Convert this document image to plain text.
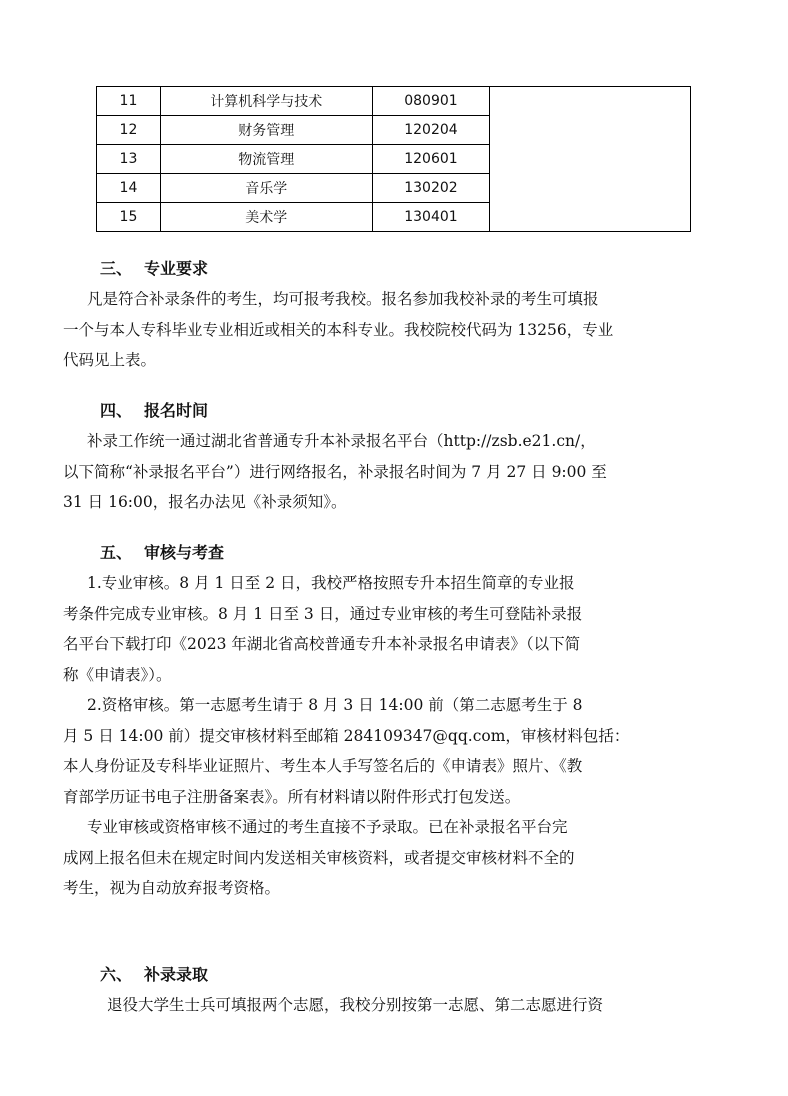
11	计算机科学与技术	080901	
12	财务管理	120204	
13	物流管理	120601	
14	音乐学	130202	
15	美术学	130401	
三、 专业要求

凡是符合补录条件的考生，均可报考我校。报名参加我校补录的考生可填报

一个与本人专科毕业专业相近或相关的本科专业。我校院校代码为 13256，专业

代码见上表。

四、 报名时间

补录工作统一通过湖北省普通专升本补录报名平台（http://zsb.e21.cn/，

以下简称“补录报名平台”）进行网络报名，补录报名时间为 7 月 27 日 9:00 至

31 日 16:00，报名办法见《补录须知》。

五、 审核与考查

1.专业审核。8 月 1 日至 2 日，我校严格按照专升本招生简章的专业报

考条件完成专业审核。8 月 1 日至 3 日，通过专业审核的考生可登陆补录报

名平台下载打印《2023 年湖北省高校普通专升本补录报名申请表》（以下简

称《申请表》）。

2.资格审核。第一志愿考生请于 8 月 3 日 14:00 前（第二志愿考生于 8

月 5 日 14:00 前）提交审核材料至邮箱 284109347@qq.com，审核材料包括：

本人身份证及专科毕业证照片、考生本人手写签名后的《申请表》照片、《教

育部学历证书电子注册备案表》。所有材料请以附件形式打包发送。

专业审核或资格审核不通过的考生直接不予录取。已在补录报名平台完

成网上报名但未在规定时间内发送相关审核资料，或者提交审核材料不全的

考生，视为自动放弃报考资格。

六、 补录录取

退役大学生士兵可填报两个志愿，我校分别按第一志愿、第二志愿进行资
